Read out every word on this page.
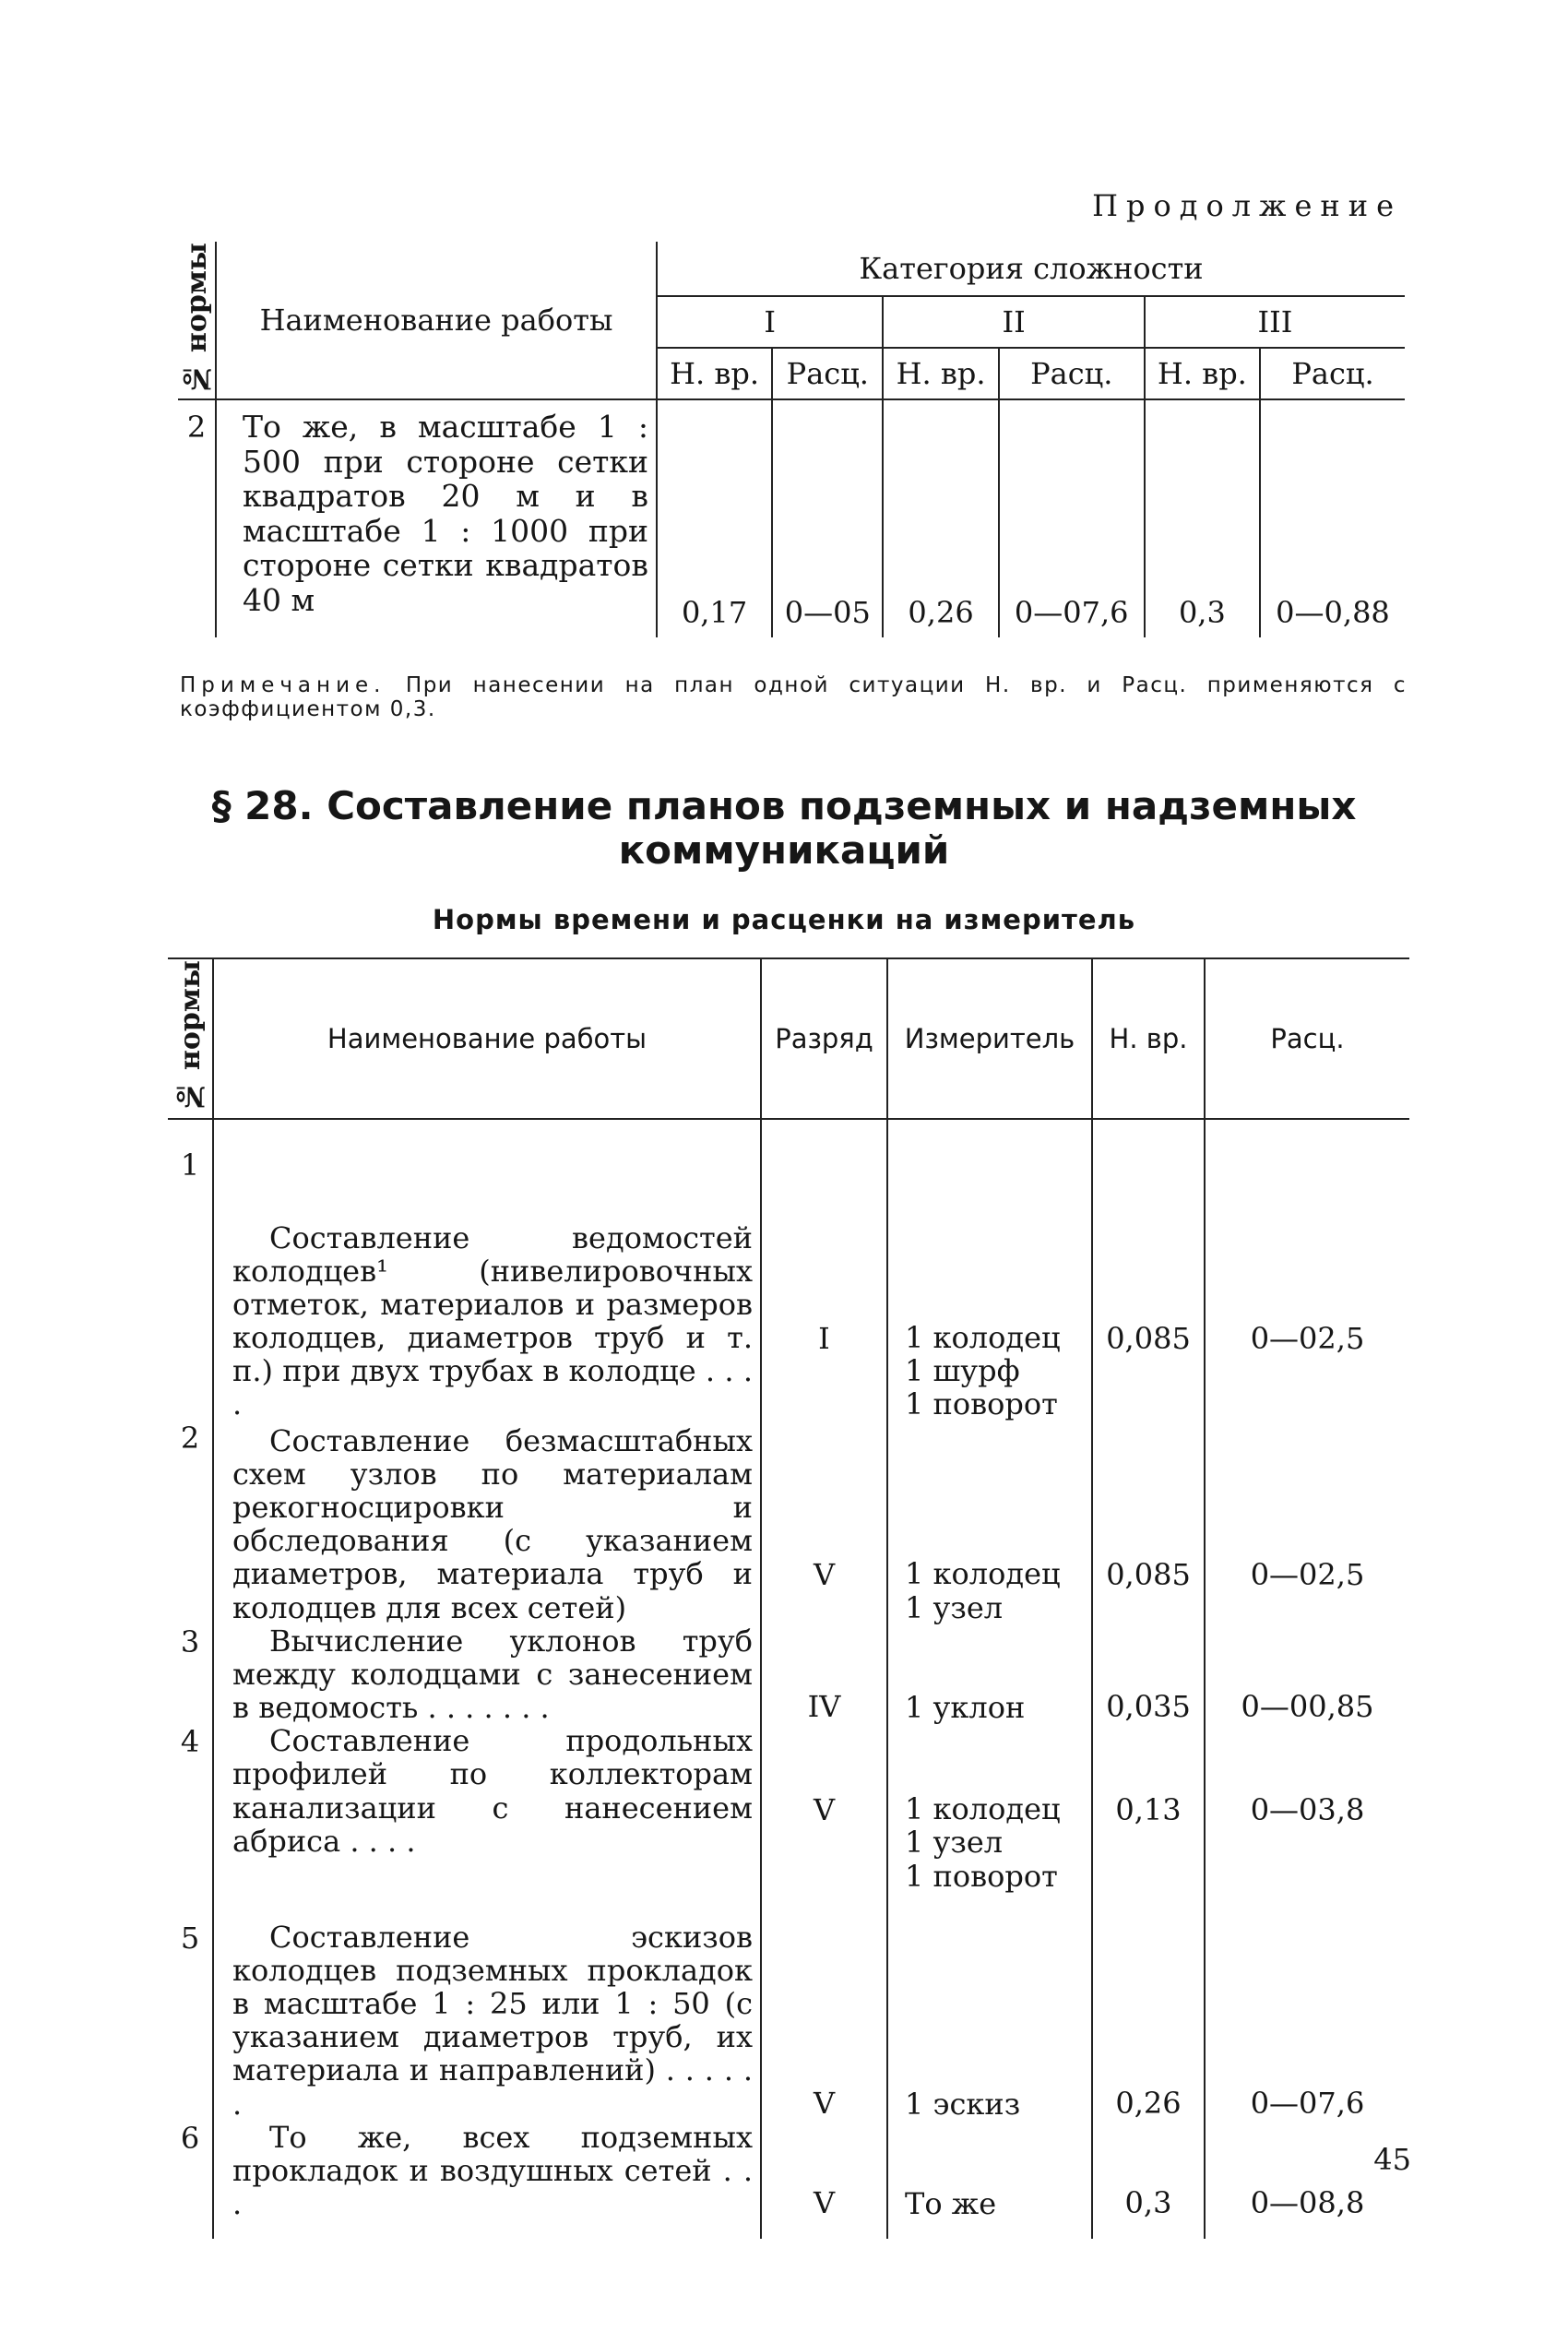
Продолжение
№ нормы	Наименование работы	Категория сложности					
		I		II		III	
		Н. вр.	Расц.	Н. вр.	Расц.	Н. вр.	Расц.
2	То же, в масштабе 1 : 500 при стороне сетки квадратов 20 м и в масштабе 1 : 1000 при стороне сетки квадратов 40 м	0,17	0—05	0,26	0—07,6	0,3	0—0,88
Примечание. При нанесении на план одной ситуации Н. вр. и Расц. применяются с коэффициентом 0,3.
§ 28. Составление планов подземных и надземных
коммуникаций
Нормы времени и расценки на измеритель
№ нормы	Наименование работы	Разряд	Измеритель	Н. вр.	Расц.
1	Составление ведомостей колодцев¹ (нивелировочных отметок, материалов и размеров колодцев, диаметров труб и т. п.) при двух трубах в колодце . . . .	I	1 колодец
1 шурф
1 поворот	0,085	0—02,5
2	Составление безмасштабных схем узлов по материалам рекогносцировки и обследования (с указанием диаметров, материала труб и колодцев для всех сетей)	V	1 колодец
1 узел	0,085	0—02,5
3	Вычисление уклонов труб между колодцами с занесением в ведомость . . . . . . .	IV	1 уклон	0,035	0—00,85
4	Составление продольных профилей по коллекторам канализации с нанесением абриса . . . .	V	1 колодец
1 узел
1 поворот	0,13	0—03,8
5	Составление эскизов колодцев подземных прокладок в масштабе 1 : 25 или 1 : 50 (с указанием диаметров труб, их материала и направлений) . . . . . .	V	1 эскиз	0,26	0—07,6
6	То же, всех подземных прокладок и воздушных сетей . . .	V	То же	0,3	0—08,8
45
